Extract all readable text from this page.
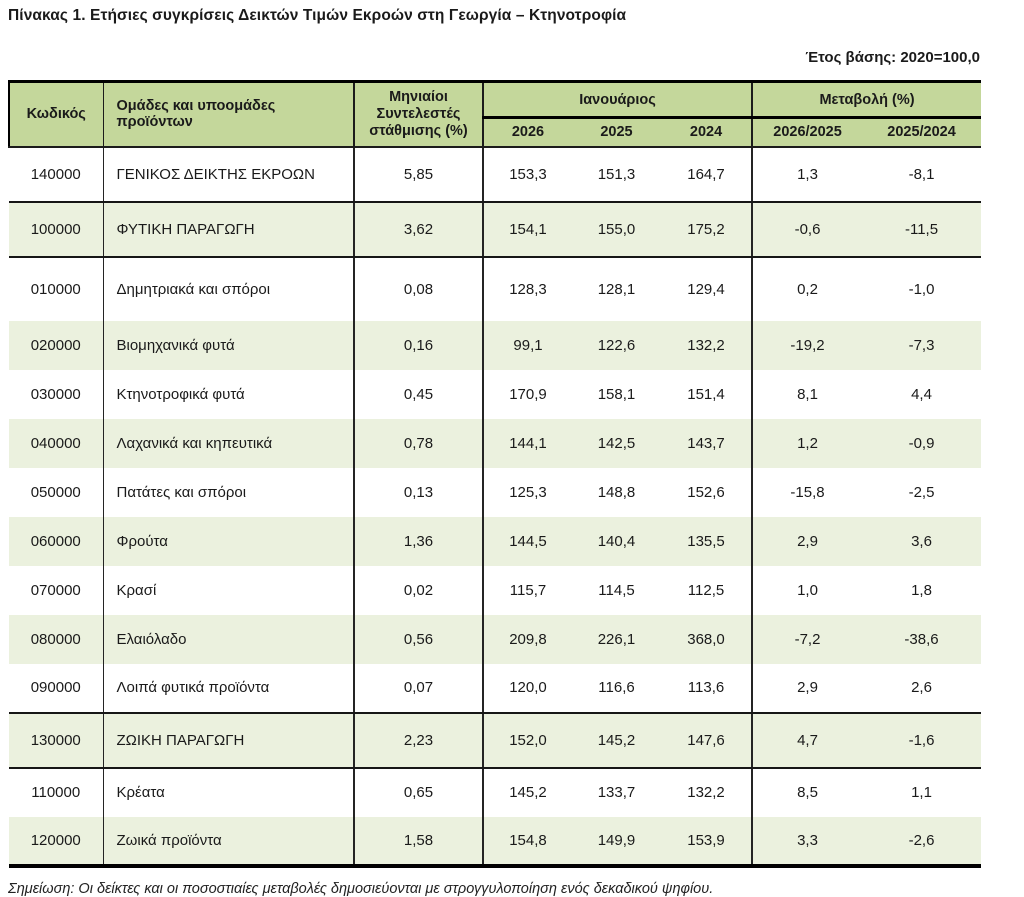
Πίνακας 1. Ετήσιες συγκρίσεις Δεικτών Τιμών Εκροών στη Γεωργία – Κτηνοτροφία
Έτος βάσης: 2020=100,0
Κωδικός	Ομάδες και υποομάδες προϊόντων	Μηνιαίοι Συντελεστές στάθμισης (%)	Ιανουάριος			Μεταβολή (%)	
			2026	2025	2024	2026/2025	2025/2024
140000	ΓΕΝΙΚΟΣ ΔΕΙΚΤΗΣ ΕΚΡΟΩΝ	5,85	153,3	151,3	164,7	1,3	-8,1
100000	ΦΥΤΙΚΗ ΠΑΡΑΓΩΓΗ	3,62	154,1	155,0	175,2	-0,6	-11,5
010000	Δημητριακά και σπόροι	0,08	128,3	128,1	129,4	0,2	-1,0
020000	Βιομηχανικά φυτά	0,16	99,1	122,6	132,2	-19,2	-7,3
030000	Κτηνοτροφικά φυτά	0,45	170,9	158,1	151,4	8,1	4,4
040000	Λαχανικά και κηπευτικά	0,78	144,1	142,5	143,7	1,2	-0,9
050000	Πατάτες και σπόροι	0,13	125,3	148,8	152,6	-15,8	-2,5
060000	Φρούτα	1,36	144,5	140,4	135,5	2,9	3,6
070000	Κρασί	0,02	115,7	114,5	112,5	1,0	1,8
080000	Ελαιόλαδο	0,56	209,8	226,1	368,0	-7,2	-38,6
090000	Λοιπά φυτικά προϊόντα	0,07	120,0	116,6	113,6	2,9	2,6
130000	ΖΩΙΚΗ ΠΑΡΑΓΩΓΗ	2,23	152,0	145,2	147,6	4,7	-1,6
110000	Κρέατα	0,65	145,2	133,7	132,2	8,5	1,1
120000	Ζωικά προϊόντα	1,58	154,8	149,9	153,9	3,3	-2,6
Σημείωση: Οι δείκτες και οι ποσοστιαίες μεταβολές δημοσιεύονται με στρογγυλοποίηση ενός δεκαδικού ψηφίου.
